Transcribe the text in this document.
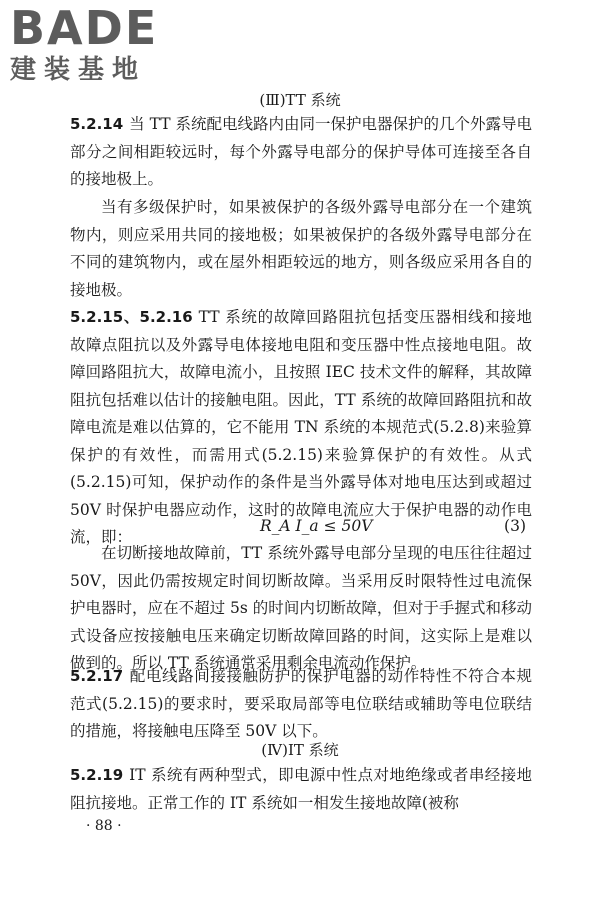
BADE
建装基地
(Ⅲ)TT 系统

5.2.14 当 TT 系统配电线路内由同一保护电器保护的几个外露导电部分之间相距较远时，每个外露导电部分的保护导体可连接至各自的接地极上。

当有多级保护时，如果被保护的各级外露导电部分在一个建筑物内，则应采用共同的接地极；如果被保护的各级外露导电部分在不同的建筑物内，或在屋外相距较远的地方，则各级应采用各自的接地极。

5.2.15、5.2.16 TT 系统的故障回路阻抗包括变压器相线和接地故障点阻抗以及外露导电体接地电阻和变压器中性点接地电阻。故障回路阻抗大，故障电流小，且按照 IEC 技术文件的解释，其故障阻抗包括难以估计的接触电阻。因此，TT 系统的故障回路阻抗和故障电流是难以估算的，它不能用 TN 系统的本规范式(5.2.8)来验算保护的有效性，而需用式(5.2.15)来验算保护的有效性。从式(5.2.15)可知，保护动作的条件是当外露导体对地电压达到或超过 50V 时保护电器应动作，这时的故障电流应大于保护电器的动作电流，即：

R_A I_a ≤ 50V	(3)

在切断接地故障前，TT 系统外露导电部分呈现的电压往往超过 50V，因此仍需按规定时间切断故障。当采用反时限特性过电流保护电器时，应在不超过 5s 的时间内切断故障，但对于手握式和移动式设备应按接触电压来确定切断故障回路的时间，这实际上是难以做到的。所以 TT 系统通常采用剩余电流动作保护。

5.2.17 配电线路间接接触防护的保护电器的动作特性不符合本规范式(5.2.15)的要求时，要采取局部等电位联结或辅助等电位联结的措施，将接触电压降至 50V 以下。

(Ⅳ)IT 系统

5.2.19 IT 系统有两种型式，即电源中性点对地绝缘或者串经接地阻抗接地。正常工作的 IT 系统如一相发生接地故障(被称

· 88 ·
